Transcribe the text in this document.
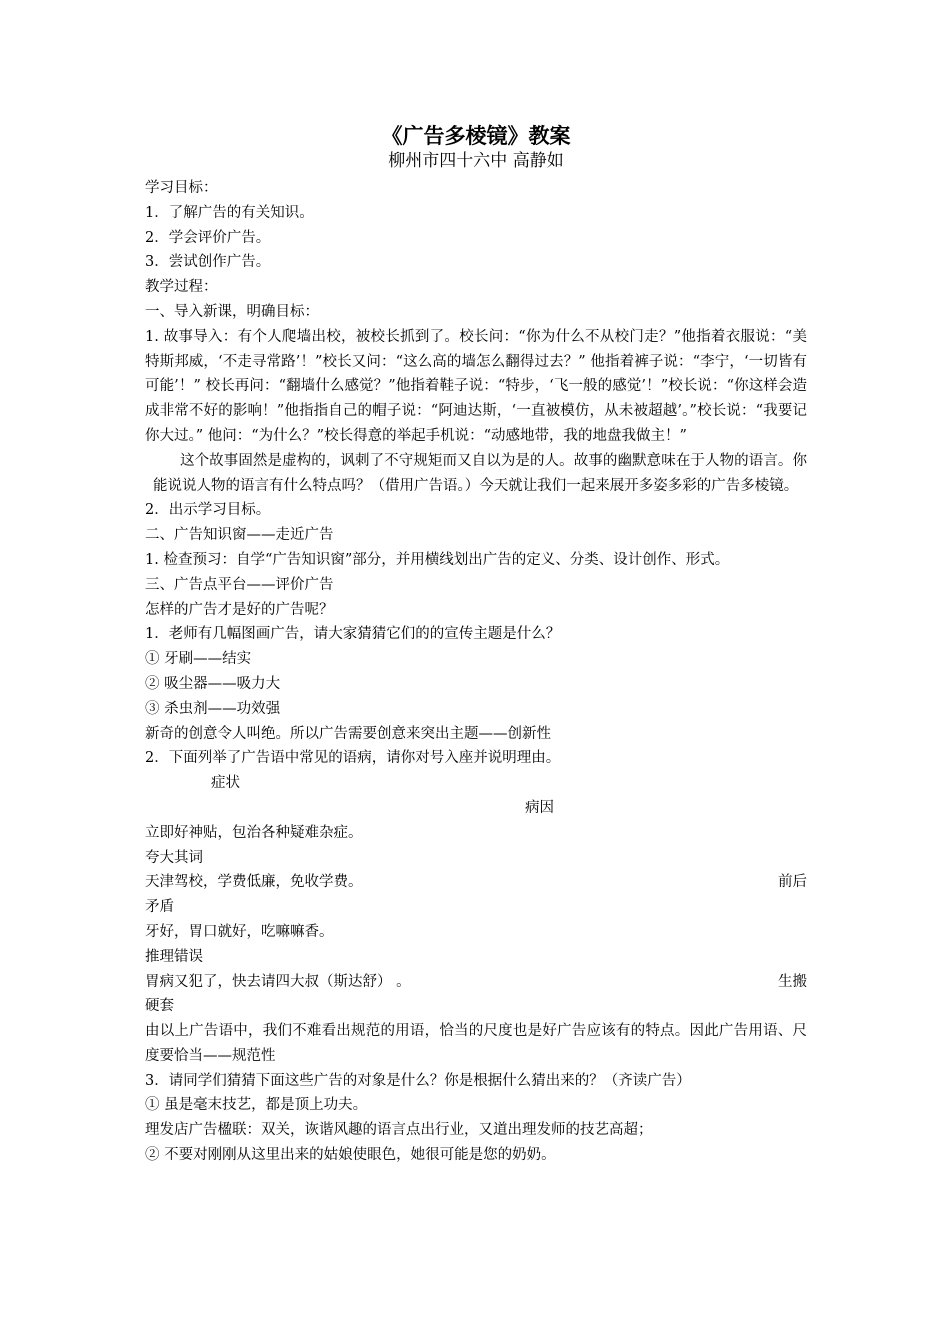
《广告多棱镜》教案

柳州市四十六中 高静如

学习目标：

1．了解广告的有关知识。

2．学会评价广告。

3．尝试创作广告。

教学过程：

一、导入新课，明确目标：

1. 故事导入：有个人爬墙出校，被校长抓到了。校长问：“你为什么不从校门走？”他指着衣服说：“美特斯邦威，‘不走寻常路’！”校长又问：“这么高的墙怎么翻得过去？” 他指着裤子说：“李宁，‘一切皆有可能’！” 校长再问：“翻墙什么感觉？”他指着鞋子说：“特步，‘飞一般的感觉’！”校长说：“你这样会造成非常不好的影响！”他指指自己的帽子说：“阿迪达斯，‘一直被模仿，从未被超越’。”校长说：“我要记你大过。” 他问：“为什么？”校长得意的举起手机说：“动感地带，我的地盘我做主！”

这个故事固然是虚构的，讽刺了不守规矩而又自以为是的人。故事的幽默意味在于人物的语言。你能说说人物的语言有什么特点吗？（借用广告语。）今天就让我们一起来展开多姿多彩的广告多棱镜。

2．出示学习目标。

二、广告知识窗——走近广告

1. 检查预习：自学“广告知识窗”部分，并用横线划出广告的定义、分类、设计创作、形式。

三、广告点平台——评价广告

怎样的广告才是好的广告呢？

1．老师有几幅图画广告，请大家猜猜它们的的宣传主题是什么？

① 牙刷——结实

② 吸尘器——吸力大

③ 杀虫剂——功效强

新奇的创意令人叫绝。所以广告需要创意来突出主题——创新性

2．下面列举了广告语中常见的语病，请你对号入座并说明理由。

症状

病因

立即好神贴，包治各种疑难杂症。

夸大其词

天津驾校，学费低廉，免收学费。	前后

矛盾

牙好，胃口就好，吃嘛嘛香。

推理错误

胃病又犯了，快去请四大叔（斯达舒） 。	生搬

硬套

由以上广告语中，我们不难看出规范的用语，恰当的尺度也是好广告应该有的特点。因此广告用语、尺度要恰当——规范性

3．请同学们猜猜下面这些广告的对象是什么？你是根据什么猜出来的？（齐读广告）

① 虽是毫末技艺，都是顶上功夫。

理发店广告楹联：双关，诙谐风趣的语言点出行业，又道出理发师的技艺高超；

② 不要对刚刚从这里出来的姑娘使眼色，她很可能是您的奶奶。
